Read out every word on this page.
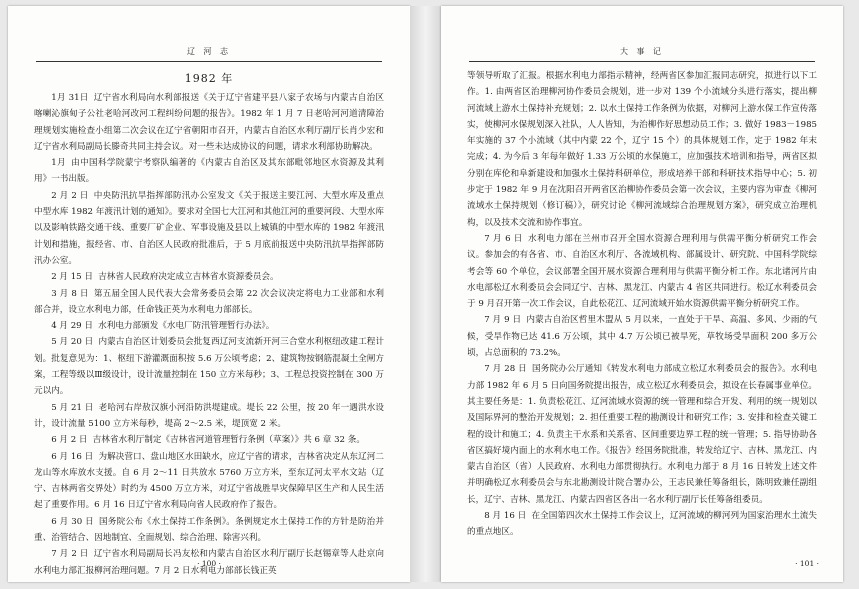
辽 河 志
1982 年

1月 31日 辽宁省水利局向水利部报送《关于辽宁省建平县八家子农场与内蒙古自治区喀喇沁旗甸子公社老哈河改河工程纠纷问题的报告》。1982 年 1 月 7 日老哈河河道清障治理规划实施检查小组第二次会议在辽宁省朝阳市召开，内蒙古自治区水利厅副厅长肖少宏和辽宁省水利局副局长滕奇共同主持会议。对一些未达成协议的问题，请求水利部协助解决。

1月 由中国科学院蒙宁考察队编著的《内蒙古自治区及其东部毗邻地区水资源及其利用》一书出版。

2 月 2 日 中央防汛抗旱指挥部防汛办公室发文《关于报送主要江河、大型水库及重点中型水库 1982 年渡汛计划的通知》。要求对全国七大江河和其他江河的重要河段、大型水库以及影响铁路交通干线、重要厂矿企业、军事设施及县以上城镇的中型水库的 1982 年渡汛计划和措施，报经省、市、自治区人民政府批准后，于 5 月底前报送中央防汛抗旱指挥部防汛办公室。

2 月 15 日 吉林省人民政府决定成立吉林省水资源委员会。

3 月 8 日 第五届全国人民代表大会常务委员会第 22 次会议决定将电力工业部和水利部合并，设立水利电力部，任命钱正英为水利电力部部长。

4 月 29 日 水利电力部颁发《水电厂防汛管理暂行办法》。

5 月 20 日 内蒙古自治区计划委员会批复西辽河支流新开河三合堂水利枢纽改建工程计划。批复意见为：1、枢纽下游灌溉面积按 5.6 万公顷考虑；2、建筑物按钢筋混凝土全闸方案，工程等级以Ⅲ级设计，设计流量控制在 150 立方米每秒；3、工程总投资控制在 300 万元以内。

5 月 21 日 老哈河右岸敖汉旗小河沿防洪堤建成。堤长 22 公里，按 20 年一遇洪水设计，设计流量 5100 立方米每秒，堤高 2～2.5 米，堤顶宽 2 米。

6 月 2 日 吉林省水利厅制定《吉林省河道管理暂行条例（草案）》共 6 章 32 条。

6 月 16 日 为解决营口、盘山地区水田缺水，应辽宁省的请求，吉林省决定从东辽河二龙山等水库放水支援。自 6 月 2～11 日共放水 5760 万立方米，至东辽河太平水文站（辽宁、吉林两省交界处）时约为 4500 万立方米，对辽宁省战胜旱灾保障早区生产和人民生活起了重要作用。6 月 16 日辽宁省水利局向省人民政府作了报告。

6 月 30 日 国务院公布《水土保持工作条例》。条例规定水土保持工作的方针是防治并重、治管结合、因地制宜、全面规划、综合治理、除害兴利。

7 月 2 日 辽宁省水利局副局长冯友松和内蒙古自治区水利厅副厅长赵锡章等人赴京向水利电力部汇报柳河治理问题。7 月 2 日水利电力部部长钱正英

· 100 ·
大 事 记

等领导听取了汇报。根据水利电力部指示精神，经两省区参加汇报同志研究，拟进行以下工作。1. 由两省区治理柳河协作委员会规划，进一步对 139 个小流域分头进行落实，提出柳河流域上游水土保持补充规划；2. 以水土保持工作条例为依据，对柳河上游水保工作宣传落实，使柳河水保规划深入社队，人人皆知，为治柳作好思想动员工作；3. 做好 1983－1985 年实施的 37 个小流域（其中内蒙 22 个，辽宁 15 个）的具体规划工作，定于 1982 年末完成；4. 为今后 3 年每年做好 1.33 万公顷的水保施工，应加强技术培训和指导，两省区拟分别在库伦和阜新建设和加强水土保持科研单位，形成培养干部和科研技术指导中心；5. 初步定于 1982 年 9 月在沈阳召开两省区治柳协作委员会第一次会议，主要内容为审查《柳河流域水土保持规划（修订稿）》，研究讨论《柳河流域综合治理规划方案》，研究成立治理机构，以及技术交流和协作事宜。

7 月 6 日 水利电力部在兰州市召开全国水资源合理利用与供需平衡分析研究工作会议。参加会的有各省、市、自治区水利厅、各流域机构、部属设计、研究院、中国科学院综考会等 60 个单位，会议部署全国开展水资源合理利用与供需平衡分析工作。东北诸河片由水电部松辽水利委员会会同辽宁、吉林、黑龙江、内蒙古 4 省区共同进行。松辽水利委员会于 9 月召开第一次工作会议，自此松花江、辽河流域开始水资源供需平衡分析研究工作。

7 月 9 日 内蒙古自治区哲里木盟从 5 月以来，一直处于干旱、高温、多风、少雨的气候，受旱作物已达 41.6 万公顷，其中 4.7 万公顷已被旱死，草牧场受旱面积 200 多万公顷，占总面积的 73.2%。

7 月 28 日 国务院办公厅通知《转发水利电力部成立松辽水利委员会的报告》。水利电力部 1982 年 6 月 5 日向国务院提出报告，成立松辽水利委员会，拟设在长春属事业单位。其主要任务是：1. 负责松花江、辽河流域水资源的统一管理和综合开发、利用的统一规划以及国际界河的整治开发规划；2. 担任重要工程的勘测设计和研究工作；3. 安排和检查关键工程的设计和施工；4. 负责主干水系和关系省、区间重要边界工程的统一管理；5. 指导协助各省区搞好境内面上的水利水电工作。《报告》经国务院批准，转发给辽宁、吉林、黑龙江、内蒙古自治区（省）人民政府、水利电力部贯彻执行。水利电力部于 8 月 16 日转发上述文件并明确松辽水利委员会与东北勘测设计院合署办公，王志民兼任筹备组长，陈明致兼任副组长，辽宁、吉林、黑龙江、内蒙古四省区各出一名水利厅副厅长任筹备组委员。

8 月 16 日 在全国第四次水土保持工作会议上，辽河流域的柳河列为国家治理水土流失的重点地区。

· 101 ·
